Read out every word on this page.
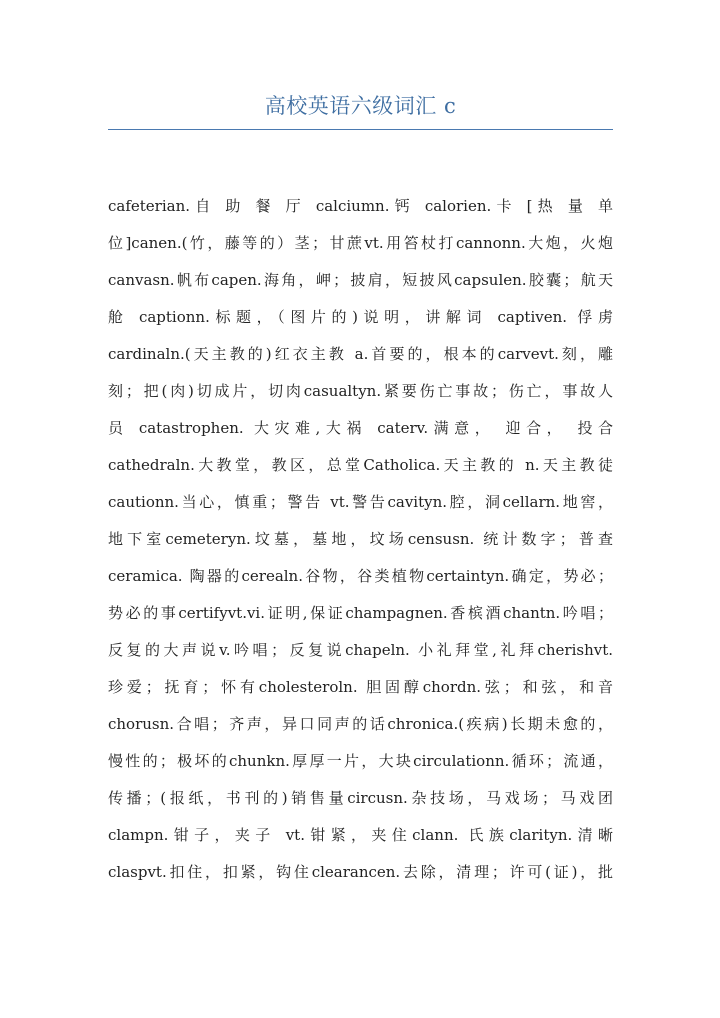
高校英语六级词汇 c
cafeterian.自 助 餐 厅 calciumn.钙 calorien.卡 [热 量 单
位]canen.(竹，藤等的）茎；甘蔗vt.用笞杖打cannonn.大炮，火炮
canvasn.帆布capen.海角，岬；披肩，短披风capsulen.胶囊；航天
舱 captionn.标题，（图片的)说明，讲解词 captiven. 俘虏
cardinaln.(天主教的)红衣主教 a.首要的，根本的carvevt.刻，雕
刻；把(肉)切成片，切肉casualtyn.紧要伤亡事故；伤亡，事故人
员 catastrophen. 大灾难,大祸 caterv.满意， 迎合， 投合
cathedraln.大教堂，教区，总堂Catholica.天主教的 n.天主教徒
cautionn.当心，慎重；警告 vt.警告cavityn.腔，洞cellarn.地窖，
地下室cemeteryn.坟墓，墓地，坟场censusn. 统计数字；普查
ceramica. 陶器的cerealn.谷物，谷类植物certaintyn.确定，势必；
势必的事certifyvt.vi.证明,保证champagnen.香槟酒chantn.吟唱；
反复的大声说v.吟唱；反复说chapeln. 小礼拜堂,礼拜cherishvt.
珍爱；抚育；怀有cholesteroln. 胆固醇chordn.弦；和弦，和音
chorusn.合唱；齐声，异口同声的话chronica.(疾病)长期未愈的，
慢性的；极坏的chunkn.厚厚一片，大块circulationn.循环；流通，
传播；(报纸，书刊的)销售量circusn.杂技场，马戏场；马戏团
clampn.钳子，夹子 vt.钳紧，夹住clann. 氏族clarityn.清晰
claspvt.扣住，扣紧，钩住clearancen.去除，清理；许可(证)，批
